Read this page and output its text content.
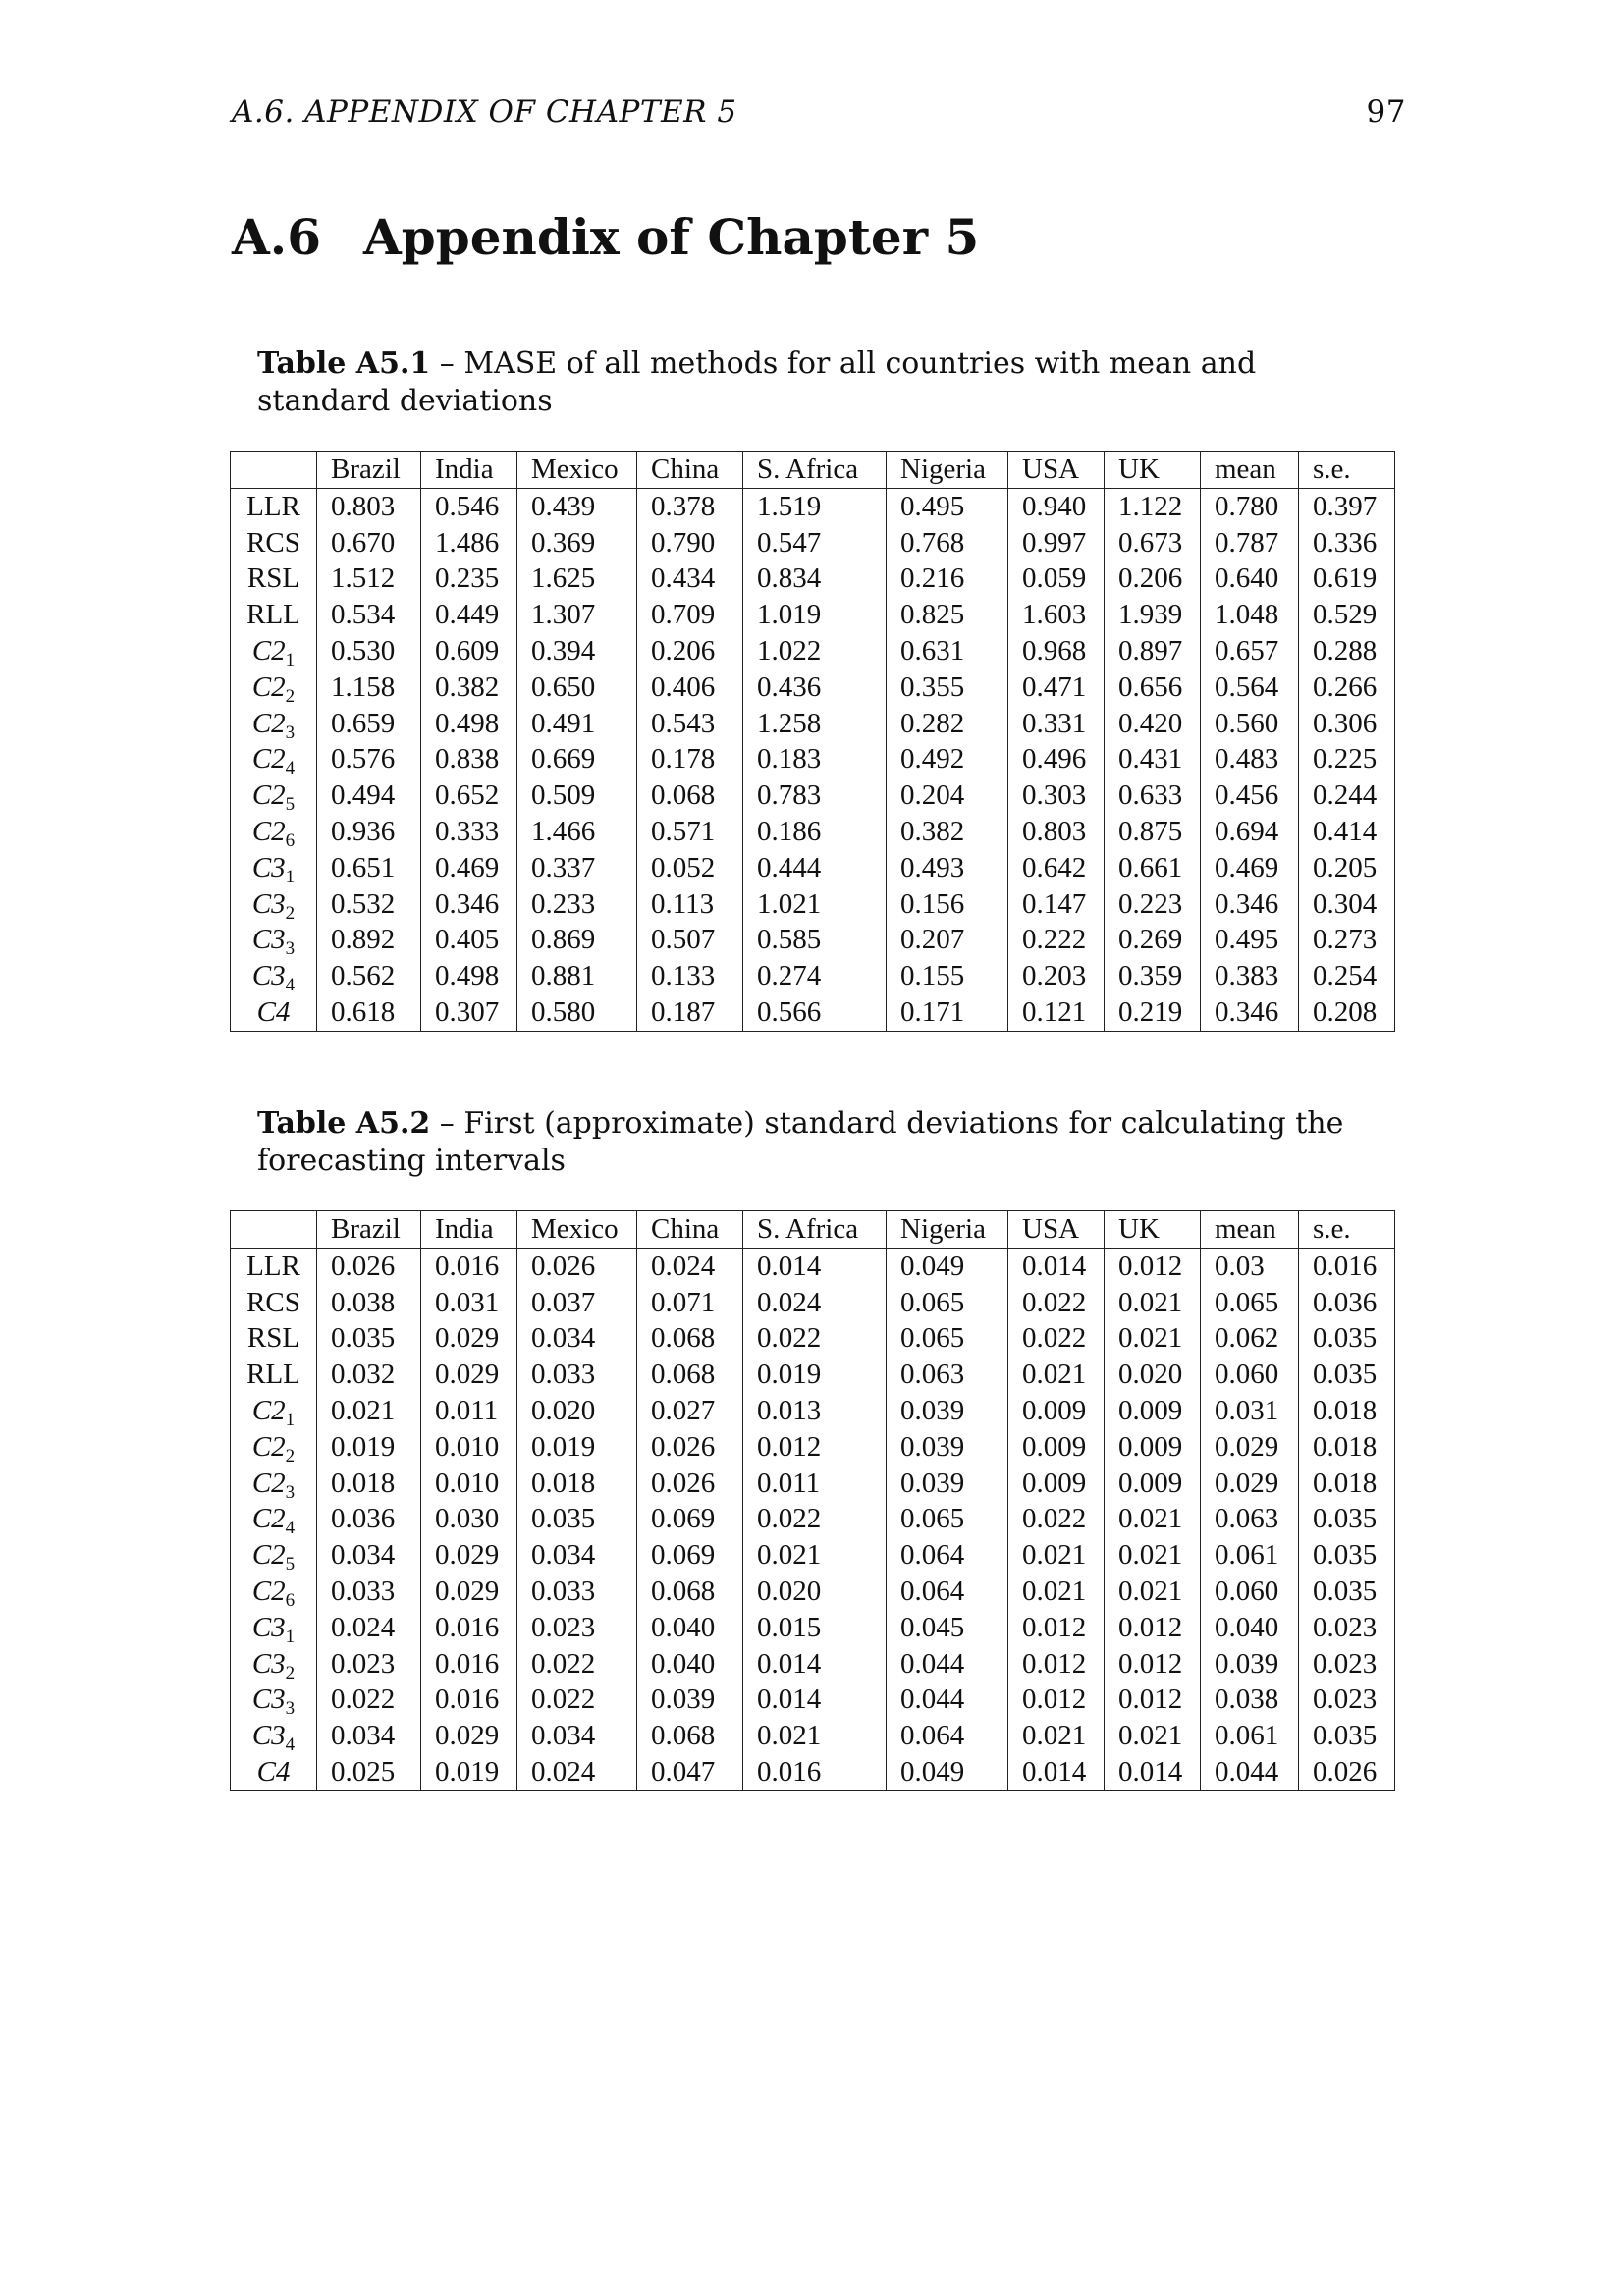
A.6. APPENDIX OF CHAPTER 5	97
A.6 Appendix of Chapter 5
Table A5.1 – MASE of all methods for all countries with mean and standard deviations
	Brazil	India	Mexico	China	S. Africa	Nigeria	USA	UK	mean	s.e.
LLR	0.803	0.546	0.439	0.378	1.519	0.495	0.940	1.122	0.780	0.397
RCS	0.670	1.486	0.369	0.790	0.547	0.768	0.997	0.673	0.787	0.336
RSL	1.512	0.235	1.625	0.434	0.834	0.216	0.059	0.206	0.640	0.619
RLL	0.534	0.449	1.307	0.709	1.019	0.825	1.603	1.939	1.048	0.529
$C2_1$	0.530	0.609	0.394	0.206	1.022	0.631	0.968	0.897	0.657	0.288
$C2_2$	1.158	0.382	0.650	0.406	0.436	0.355	0.471	0.656	0.564	0.266
$C2_3$	0.659	0.498	0.491	0.543	1.258	0.282	0.331	0.420	0.560	0.306
$C2_4$	0.576	0.838	0.669	0.178	0.183	0.492	0.496	0.431	0.483	0.225
$C2_5$	0.494	0.652	0.509	0.068	0.783	0.204	0.303	0.633	0.456	0.244
$C2_6$	0.936	0.333	1.466	0.571	0.186	0.382	0.803	0.875	0.694	0.414
$C3_1$	0.651	0.469	0.337	0.052	0.444	0.493	0.642	0.661	0.469	0.205
$C3_2$	0.532	0.346	0.233	0.113	1.021	0.156	0.147	0.223	0.346	0.304
$C3_3$	0.892	0.405	0.869	0.507	0.585	0.207	0.222	0.269	0.495	0.273
$C3_4$	0.562	0.498	0.881	0.133	0.274	0.155	0.203	0.359	0.383	0.254
C4	0.618	0.307	0.580	0.187	0.566	0.171	0.121	0.219	0.346	0.208
Table A5.2 – First (approximate) standard deviations for calculating the forecasting intervals
	Brazil	India	Mexico	China	S. Africa	Nigeria	USA	UK	mean	s.e.
LLR	0.026	0.016	0.026	0.024	0.014	0.049	0.014	0.012	0.03	0.016
RCS	0.038	0.031	0.037	0.071	0.024	0.065	0.022	0.021	0.065	0.036
RSL	0.035	0.029	0.034	0.068	0.022	0.065	0.022	0.021	0.062	0.035
RLL	0.032	0.029	0.033	0.068	0.019	0.063	0.021	0.020	0.060	0.035
$C2_1$	0.021	0.011	0.020	0.027	0.013	0.039	0.009	0.009	0.031	0.018
$C2_2$	0.019	0.010	0.019	0.026	0.012	0.039	0.009	0.009	0.029	0.018
$C2_3$	0.018	0.010	0.018	0.026	0.011	0.039	0.009	0.009	0.029	0.018
$C2_4$	0.036	0.030	0.035	0.069	0.022	0.065	0.022	0.021	0.063	0.035
$C2_5$	0.034	0.029	0.034	0.069	0.021	0.064	0.021	0.021	0.061	0.035
$C2_6$	0.033	0.029	0.033	0.068	0.020	0.064	0.021	0.021	0.060	0.035
$C3_1$	0.024	0.016	0.023	0.040	0.015	0.045	0.012	0.012	0.040	0.023
$C3_2$	0.023	0.016	0.022	0.040	0.014	0.044	0.012	0.012	0.039	0.023
$C3_3$	0.022	0.016	0.022	0.039	0.014	0.044	0.012	0.012	0.038	0.023
$C3_4$	0.034	0.029	0.034	0.068	0.021	0.064	0.021	0.021	0.061	0.035
C4	0.025	0.019	0.024	0.047	0.016	0.049	0.014	0.014	0.044	0.026
